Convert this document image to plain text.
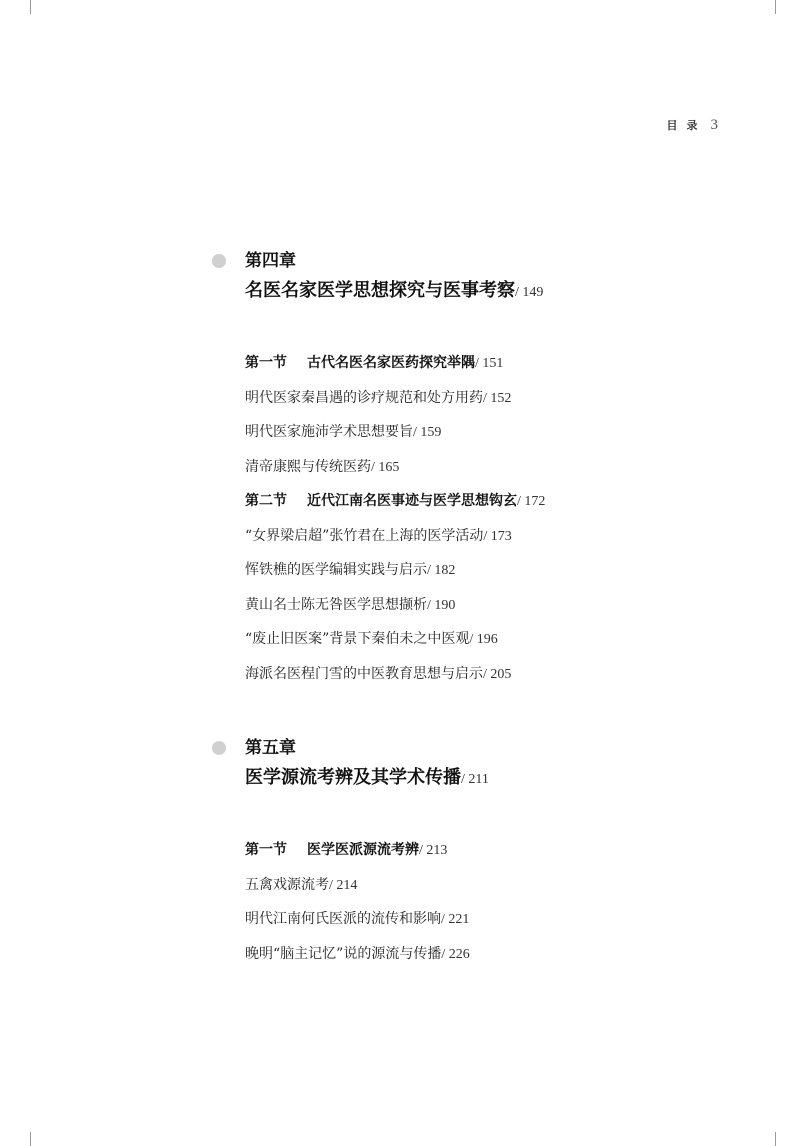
目录 3
第四章
名医名家医学思想探究与医事考察/ 149
第一节 古代名医名家医药探究举隅/ 151
明代医家秦昌遇的诊疗规范和处方用药/ 152
明代医家施沛学术思想要旨/ 159
清帝康熙与传统医药/ 165
第二节 近代江南名医事迹与医学思想钩玄/ 172
“女界梁启超”张竹君在上海的医学活动/ 173
恽铁樵的医学编辑实践与启示/ 182
黄山名士陈无咎医学思想撷析/ 190
“废止旧医案”背景下秦伯未之中医观/ 196
海派名医程门雪的中医教育思想与启示/ 205
第五章
医学源流考辨及其学术传播/ 211
第一节 医学医派源流考辨/ 213
五禽戏源流考/ 214
明代江南何氏医派的流传和影响/ 221
晚明“脑主记忆”说的源流与传播/ 226
